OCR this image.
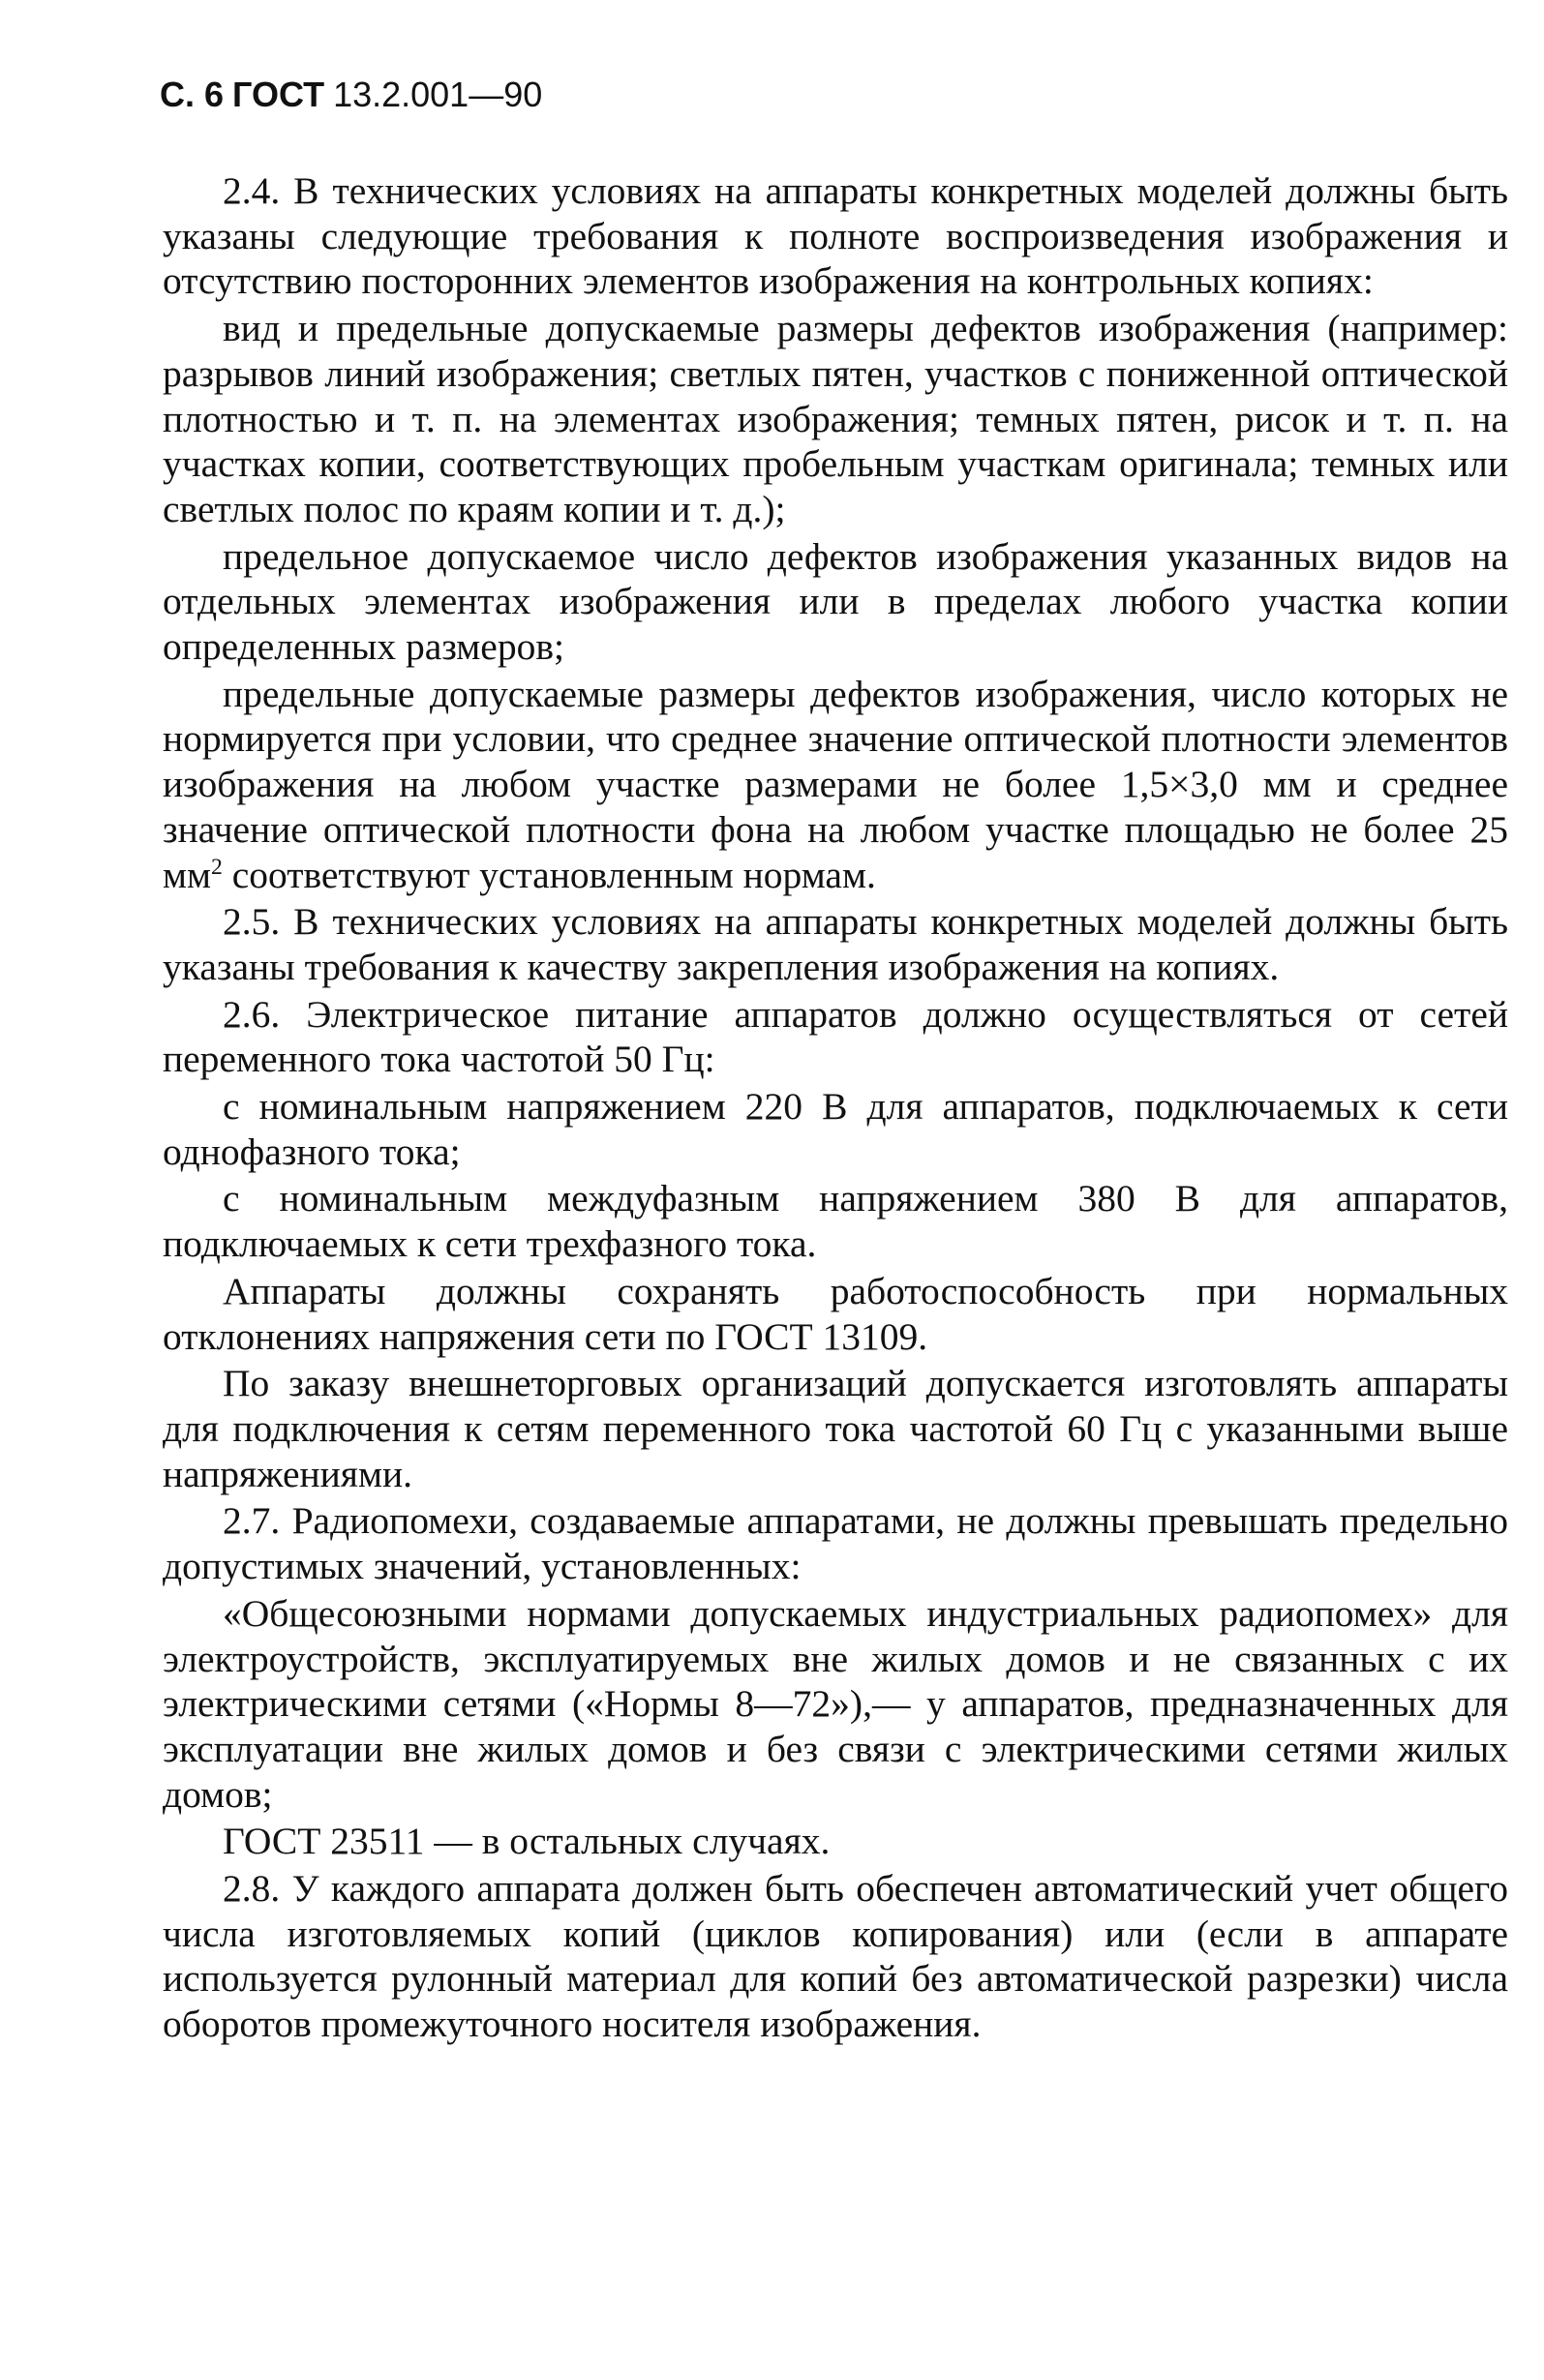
С. 6 ГОСТ 13.2.001—90

2.4. В технических условиях на аппараты конкретных моделей должны быть указаны следующие требования к полноте воспроизведения изображения и отсутствию посторонних элементов изображения на контрольных копиях:

вид и предельные допускаемые размеры дефектов изображения (например: разрывов линий изображения; светлых пятен, участков с пониженной оптической плотностью и т. п. на элементах изображения; темных пятен, рисок и т. п. на участках копии, соответствующих пробельным участкам оригинала; темных или светлых полос по краям копии и т. д.);

предельное допускаемое число дефектов изображения указанных видов на отдельных элементах изображения или в пределах любого участка копии определенных размеров;

предельные допускаемые размеры дефектов изображения, число которых не нормируется при условии, что среднее значение оптической плотности элементов изображения на любом участке размерами не более 1,5×3,0 мм и среднее значение оптической плотности фона на любом участке площадью не более 25 $мм^2$ соответствуют установленным нормам.

2.5. В технических условиях на аппараты конкретных моделей должны быть указаны требования к качеству закрепления изображения на копиях.

2.6. Электрическое питание аппаратов должно осуществляться от сетей переменного тока частотой 50 Гц:

с номинальным напряжением 220 В для аппаратов, подключаемых к сети однофазного тока;

с номинальным междуфазным напряжением 380 В для аппаратов, подключаемых к сети трехфазного тока.

Аппараты должны сохранять работоспособность при нормальных отклонениях напряжения сети по ГОСТ 13109.

По заказу внешнеторговых организаций допускается изготовлять аппараты для подключения к сетям переменного тока частотой 60 Гц с указанными выше напряжениями.

2.7. Радиопомехи, создаваемые аппаратами, не должны превышать предельно допустимых значений, установленных:

«Общесоюзными нормами допускаемых индустриальных радиопомех» для электроустройств, эксплуатируемых вне жилых домов и не связанных с их электрическими сетями («Нормы 8—72»),— у аппаратов, предназначенных для эксплуатации вне жилых домов и без связи с электрическими сетями жилых домов;

ГОСТ 23511 — в остальных случаях.

2.8. У каждого аппарата должен быть обеспечен автоматический учет общего числа изготовляемых копий (циклов копирования) или (если в аппарате используется рулонный материал для копий без автоматической разрезки) числа оборотов промежуточного носителя изображения.
